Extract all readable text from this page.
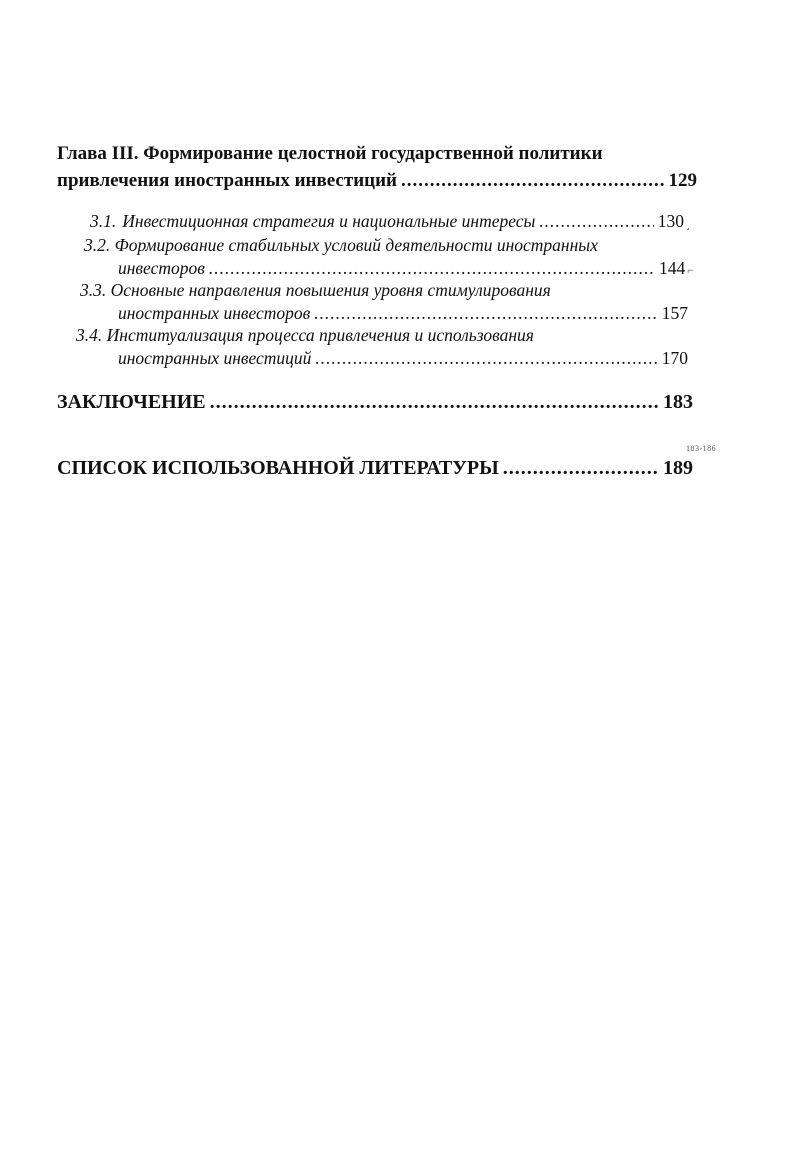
Глава III. Формирование целостной государственной политики
привлечения иностранных инвестиций .....	129
3.1. Инвестиционная стратегия и национальные интересы .....	130 ˼
3.2. Формирование стабильных условий деятельности иностранных
инвесторов .....	144 ⌐
3.3. Основные направления повышения уровня стимулирования
иностранных инвесторов .....	157
3.4. Институализация процесса привлечения и использования
иностранных инвестиций .....	170
ЗАКЛЮЧЕНИЕ .....	183
183-186
СПИСОК ИСПОЛЬЗОВАННОЙ ЛИТЕРАТУРЫ .....	189
